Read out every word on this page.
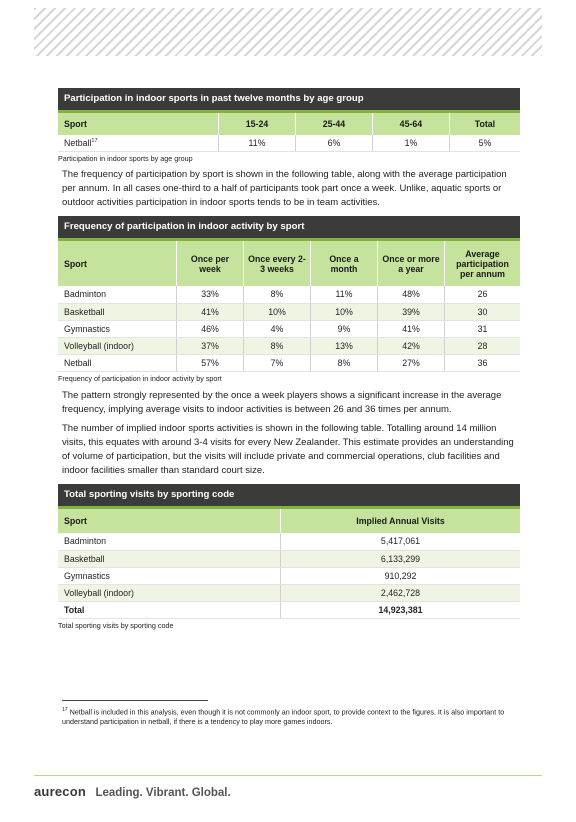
Participation in indoor sports in past twelve months by age group
Sport	15-24	25-44	45-64	Total
Netball$^{17}$	11%	6%	1%	5%
Participation in indoor sports by age group
The frequency of participation by sport is shown in the following table, along with the average participation per annum. In all cases one-third to a half of participants took part once a week. Unlike, aquatic sports or outdoor activities participation in indoor sports tends to be in team activities.
Frequency of participation in indoor activity by sport
Sport	Once per week	Once every 2-3 weeks	Once a month	Once or more a year	Average participation per annum
Badminton	33%	8%	11%	48%	26
Basketball	41%	10%	10%	39%	30
Gymnastics	46%	4%	9%	41%	31
Volleyball (indoor)	37%	8%	13%	42%	28
Netball	57%	7%	8%	27%	36
Frequency of participation in indoor activity by sport
The pattern strongly represented by the once a week players shows a significant increase in the average frequency, implying average visits to indoor activities is between 26 and 36 times per annum.
The number of implied indoor sports activities is shown in the following table. Totalling around 14 million visits, this equates with around 3-4 visits for every New Zealander. This estimate provides an understanding of volume of participation, but the visits will include private and commercial operations, club facilities and indoor facilities smaller than standard court size.
Total sporting visits by sporting code
Sport	Implied Annual Visits
Badminton	5,417,061
Basketball	6,133,299
Gymnastics	910,292
Volleyball (indoor)	2,462,728
Total	14,923,381
Total sporting visits by sporting code
$^{17}$ Netball is included in this analysis, even though it is not commonly an indoor sport, to provide context to the figures. It is also important to understand participation in netball, if there is a tendency to play more games indoors.
aurecon Leading. Vibrant. Global.
